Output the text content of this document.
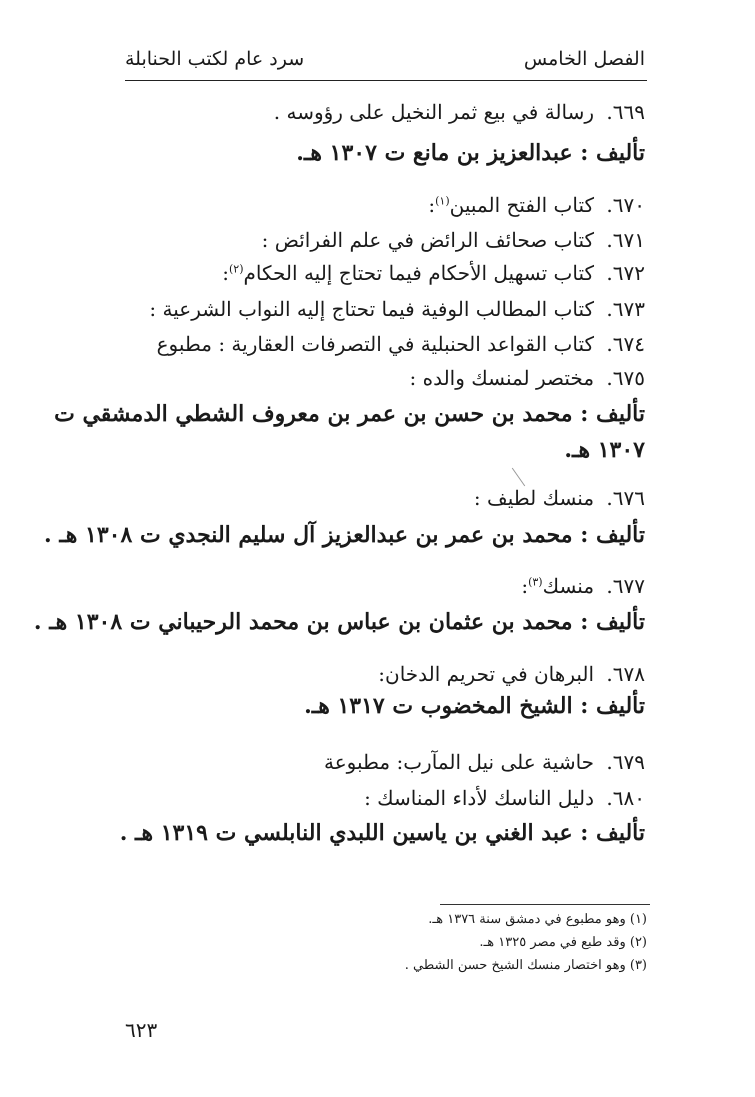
الفصل الخامس
سرد عام لكتب الحنابلة
٦٦٩. رسالة في بيع ثمر النخيل على رؤوسه .
تأليف : عبدالعزيز بن مانع ت ١٣٠٧ هـ.
٦٧٠. كتاب الفتح المبين$^{(١)}$:
٦٧١. كتاب صحائف الرائض في علم الفرائض :
٦٧٢. كتاب تسهيل الأحكام فيما تحتاج إليه الحكام$^{(٢)}$:
٦٧٣. كتاب المطالب الوفية فيما تحتاج إليه النواب الشرعية :
٦٧٤. كتاب القواعد الحنبلية في التصرفات العقارية : مطبوع
٦٧٥. مختصر لمنسك والده :
تأليف : محمد بن حسن بن عمر بن معروف الشطي الدمشقي ت
١٣٠٧ هـ.
٦٧٦. منسك لطيف :
تأليف : محمد بن عمر بن عبدالعزيز آل سليم النجدي ت ١٣٠٨ هـ .
٦٧٧. منسك$^{(٣)}$:
تأليف : محمد بن عثمان بن عباس بن محمد الرحيباني ت ١٣٠٨ هـ .
٦٧٨. البرهان في تحريم الدخان:
تأليف : الشيخ المخضوب ت ١٣١٧ هـ.
٦٧٩. حاشية على نيل المآرب: مطبوعة
٦٨٠. دليل الناسك لأداء المناسك :
تأليف : عبد الغني بن ياسين اللبدي النابلسي ت ١٣١٩ هـ .
(١) وهو مطبوع في دمشق سنة ١٣٧٦ هـ.
(٢) وقد طبع في مصر ١٣٢٥ هـ.
(٣) وهو اختصار منسك الشيخ حسن الشطي .
٦٢٣
